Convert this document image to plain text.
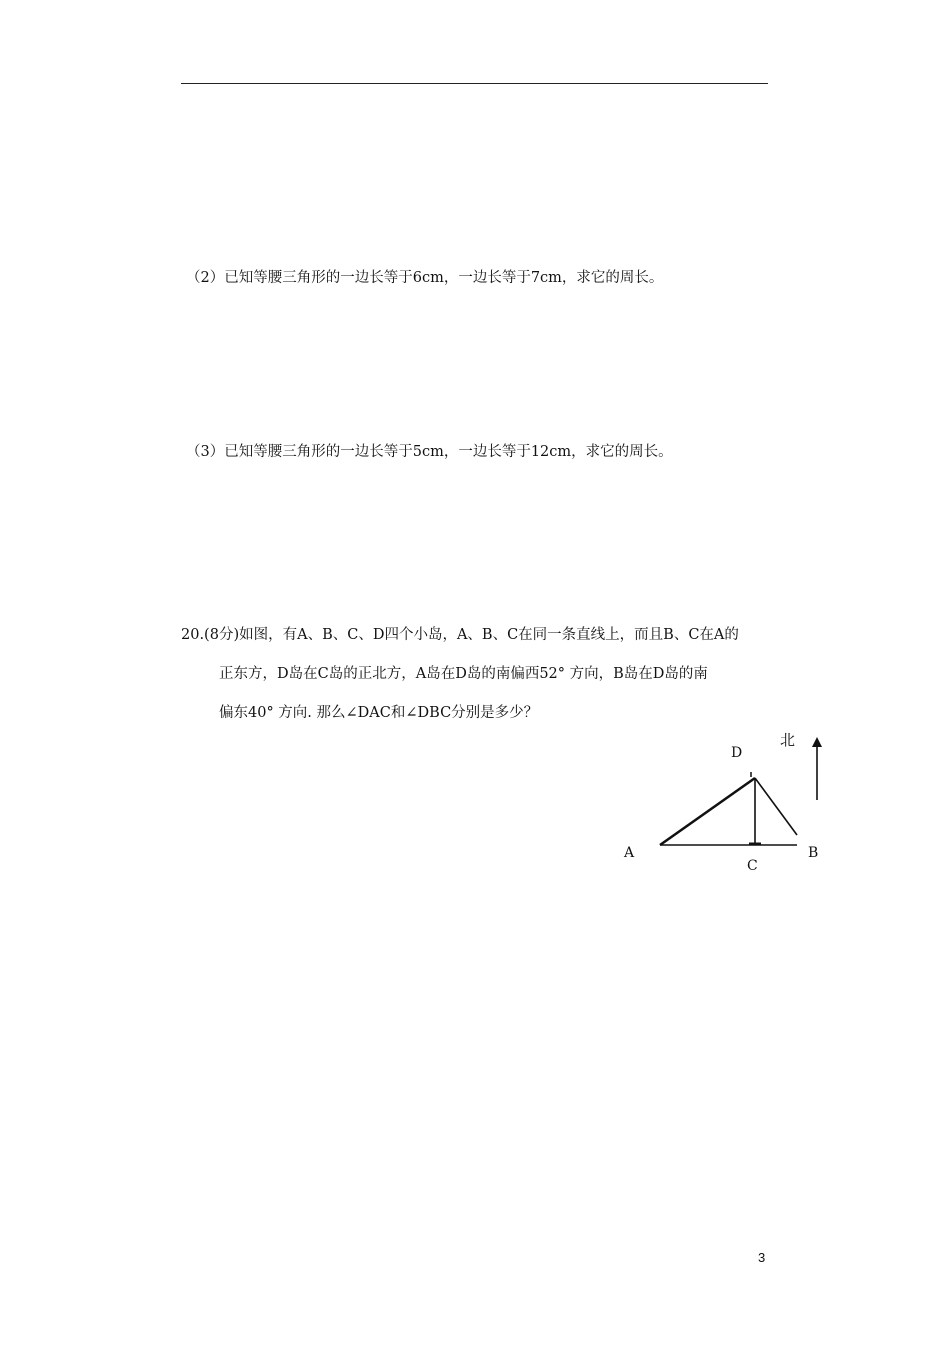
（2）已知等腰三角形的一边长等于6cm，一边长等于7cm，求它的周长。
（3）已知等腰三角形的一边长等于5cm，一边长等于12cm，求它的周长。
20.(8分)如图，有A、B、C、D四个小岛，A、B、C在同一条直线上，而且B、C在A的
正东方，D岛在C岛的正北方，A岛在D岛的南偏西52° 方向，B岛在D岛的南
偏东40° 方向. 那么∠DAC和∠DBC分别是多少？
A	B
C
D
北
3
